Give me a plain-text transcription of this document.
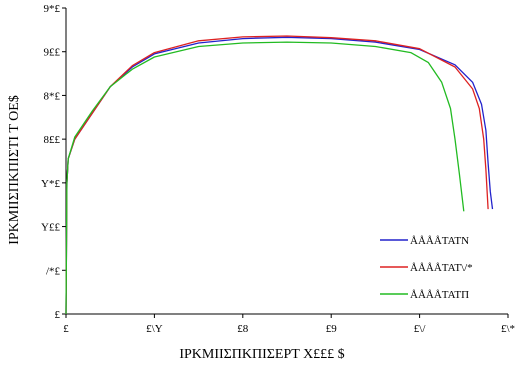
£
/*£
Y££
Y*£
8££
8*£
9££
9*£
£	£\Y	£8	£9	£\/	£\*
ÅÅÅÅΤΑΤΝ
ÅÅÅÅΤΑΤ\/*
ÅÅÅÅΤΑΤΠ
ΙΡΚΜΙΙΣΠΚΠΙΣΕΡΤ Χ£££ $
ΙΡΚΜΙΙΣΠΚΠΙΣΤΙ Τ ΟΕ$
